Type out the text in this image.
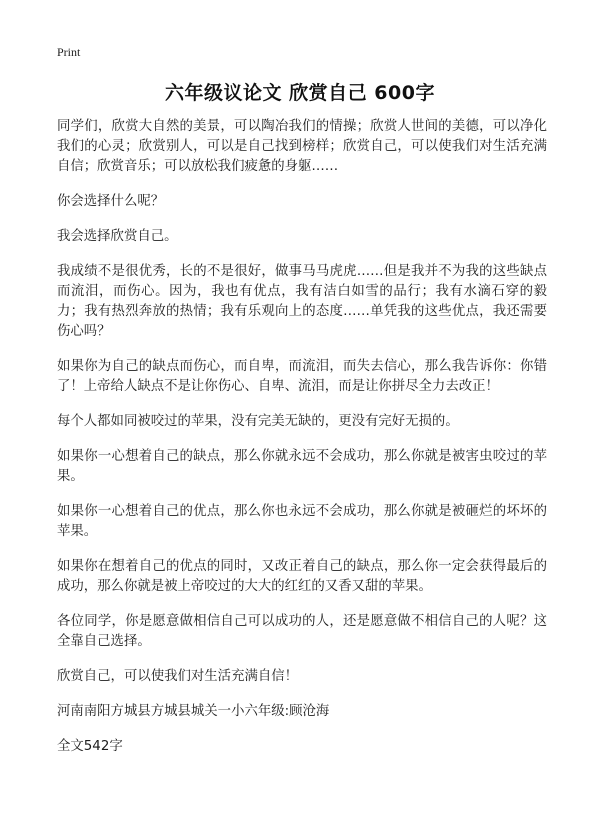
Print
六年级议论文 欣赏自己 600字

同学们，欣赏大自然的美景，可以陶冶我们的情操；欣赏人世间的美德，可以净化我们的心灵；欣赏别人，可以是自己找到榜样；欣赏自己，可以使我们对生活充满自信；欣赏音乐；可以放松我们疲惫的身躯……

你会选择什么呢？

我会选择欣赏自己。

我成绩不是很优秀，长的不是很好，做事马马虎虎……但是我并不为我的这些缺点而流泪，而伤心。因为，我也有优点，我有洁白如雪的品行；我有水滴石穿的毅力；我有热烈奔放的热情；我有乐观向上的态度……单凭我的这些优点，我还需要伤心吗？

如果你为自己的缺点而伤心，而自卑，而流泪，而失去信心，那么我告诉你：你错了！上帝给人缺点不是让你伤心、自卑、流泪，而是让你拼尽全力去改正！

每个人都如同被咬过的苹果，没有完美无缺的，更没有完好无损的。

如果你一心想着自己的缺点，那么你就永远不会成功，那么你就是被害虫咬过的苹果。

如果你一心想着自己的优点，那么你也永远不会成功，那么你就是被砸烂的坏坏的苹果。

如果你在想着自己的优点的同时，又改正着自己的缺点，那么你一定会获得最后的成功，那么你就是被上帝咬过的大大的红红的又香又甜的苹果。

各位同学，你是愿意做相信自己可以成功的人，还是愿意做不相信自己的人呢？这全靠自己选择。

欣赏自己，可以使我们对生活充满自信！

河南南阳方城县方城县城关一小六年级:顾沧海

全文542字
